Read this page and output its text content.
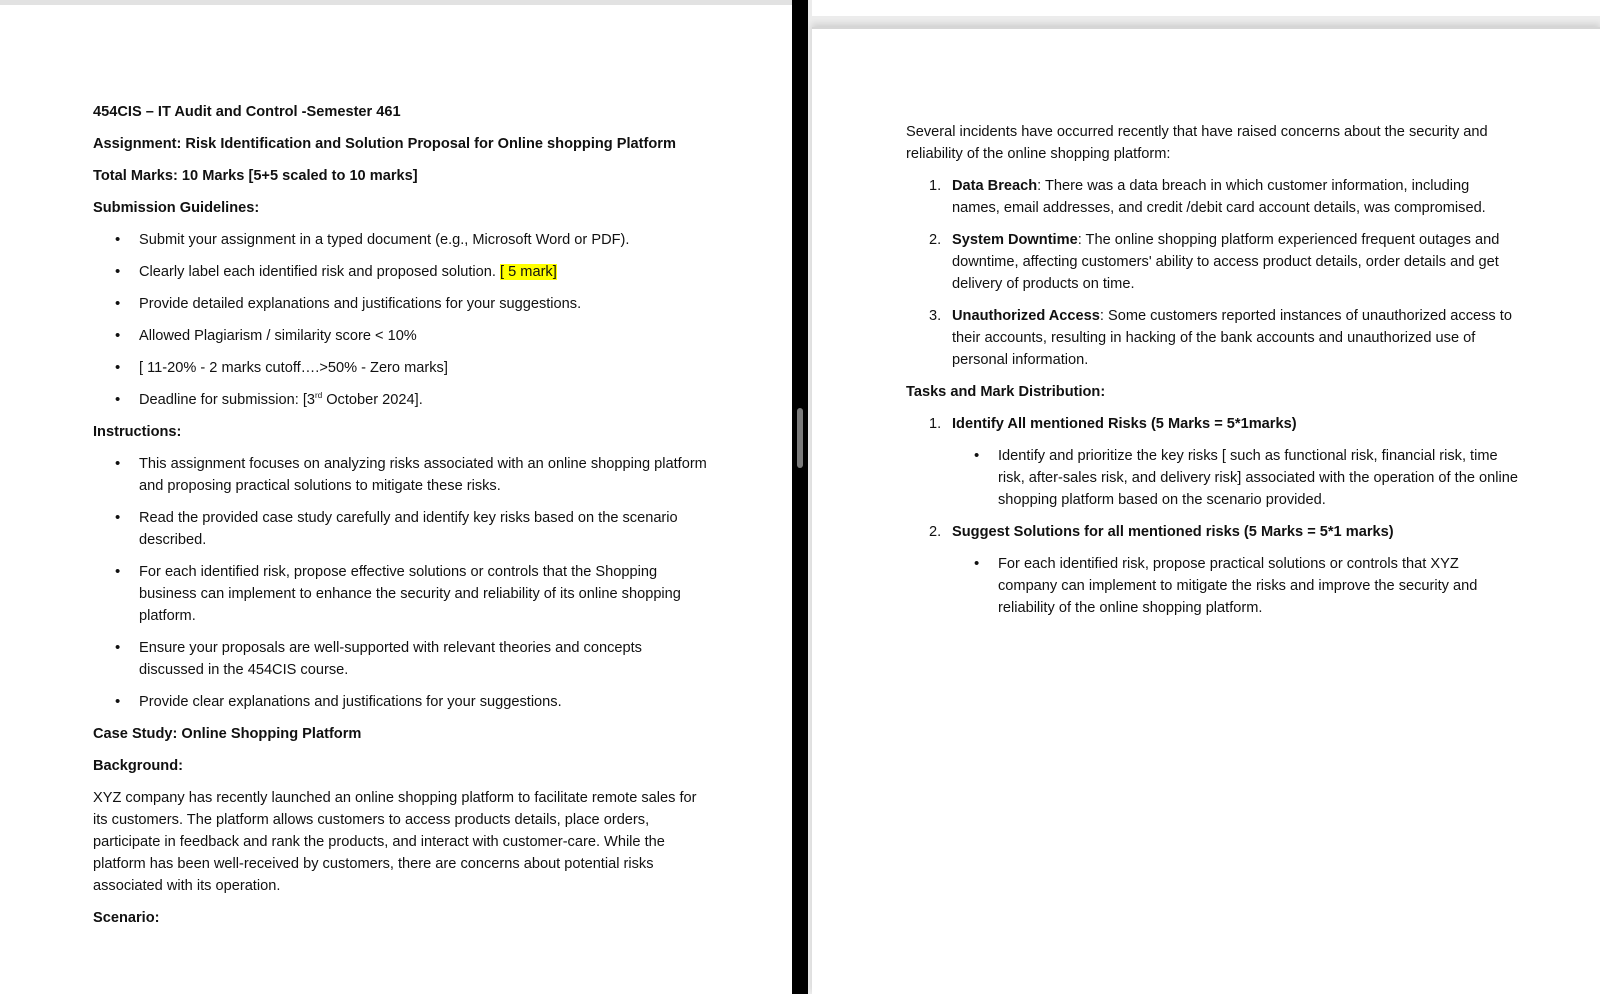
454CIS – IT Audit and Control -Semester 461
Assignment: Risk Identification and Solution Proposal for Online shopping Platform
Total Marks: 10 Marks [5+5 scaled to 10 marks]
Submission Guidelines:
• Submit your assignment in a typed document (e.g., Microsoft Word or PDF).
• Clearly label each identified risk and proposed solution. [ 5 mark]
• Provide detailed explanations and justifications for your suggestions.
• Allowed Plagiarism / similarity score < 10%
• [ 11-20% - 2 marks cutoff….>50% - Zero marks]
• Deadline for submission: [3rd October 2024].
Instructions:
• This assignment focuses on analyzing risks associated with an online shopping platform and proposing practical solutions to mitigate these risks.
• Read the provided case study carefully and identify key risks based on the scenario described.
• For each identified risk, propose effective solutions or controls that the Shopping business can implement to enhance the security and reliability of its online shopping platform.
• Ensure your proposals are well-supported with relevant theories and concepts discussed in the 454CIS course.
• Provide clear explanations and justifications for your suggestions.
Case Study: Online Shopping Platform
Background:
XYZ company has recently launched an online shopping platform to facilitate remote sales for its customers. The platform allows customers to access products details, place orders, participate in feedback and rank the products, and interact with customer-care. While the platform has been well-received by customers, there are concerns about potential risks associated with its operation.
Scenario:
Several incidents have occurred recently that have raised concerns about the security and reliability of the online shopping platform:
1. Data Breach: There was a data breach in which customer information, including names, email addresses, and credit /debit card account details, was compromised.
2. System Downtime: The online shopping platform experienced frequent outages and downtime, affecting customers' ability to access product details, order details and get delivery of products on time.
3. Unauthorized Access: Some customers reported instances of unauthorized access to their accounts, resulting in hacking of the bank accounts and unauthorized use of personal information.
Tasks and Mark Distribution:
1. Identify All mentioned Risks (5 Marks = 5*1marks)
• Identify and prioritize the key risks [ such as functional risk, financial risk, time risk, after-sales risk, and delivery risk] associated with the operation of the online shopping platform based on the scenario provided.
2. Suggest Solutions for all mentioned risks (5 Marks = 5*1 marks)
• For each identified risk, propose practical solutions or controls that XYZ company can implement to mitigate the risks and improve the security and reliability of the online shopping platform.
